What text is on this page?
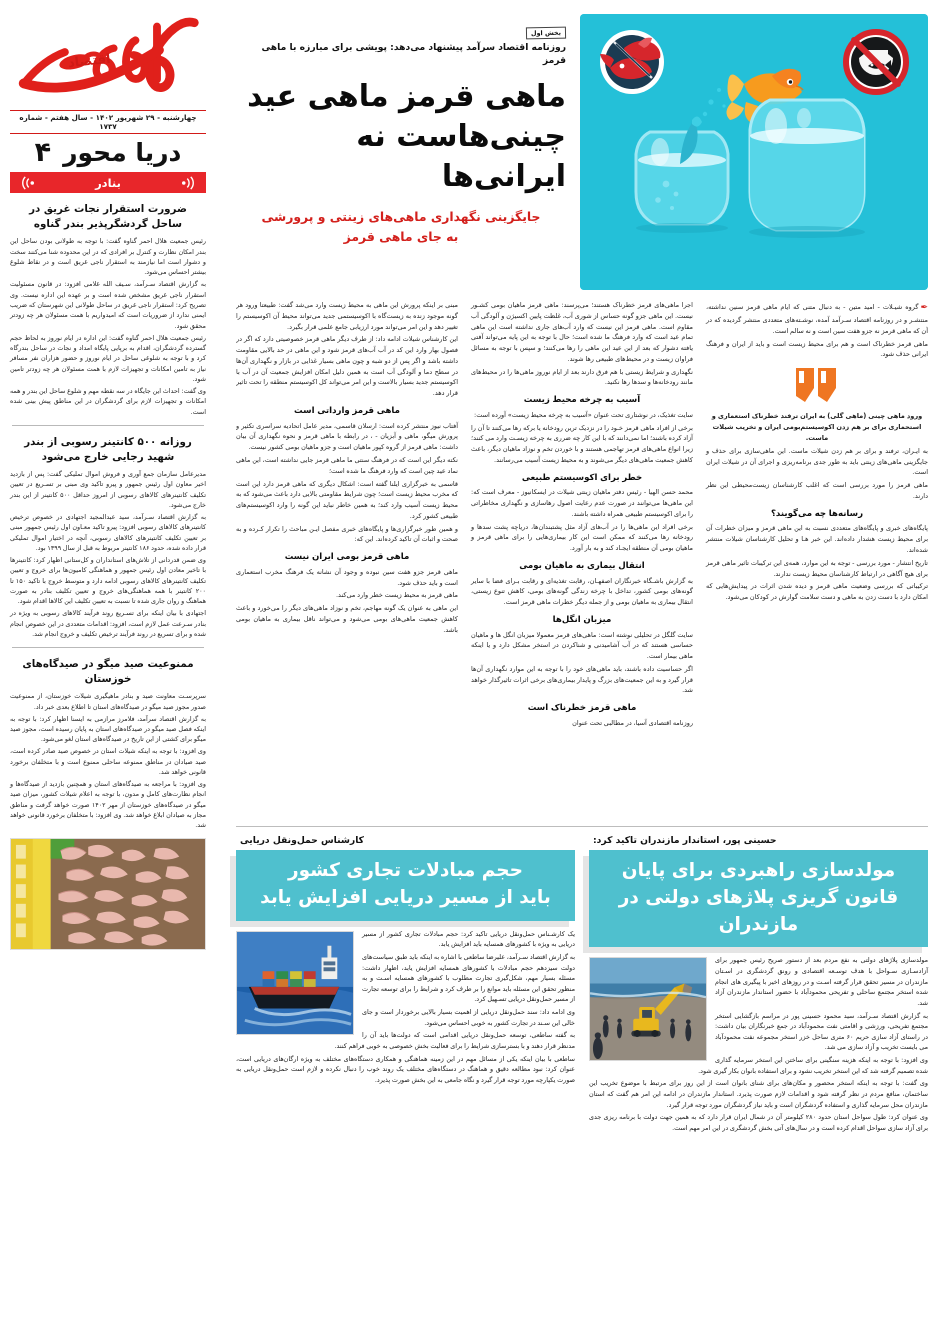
اقتصاد
چهارشنبه - ۲۹ شهریور ۱۴۰۲ - سال هفتم - شماره ۱۷۳۷
۴ دریا محور
بنادر
ضرورت استقرار نجات غریق در ساحل گردشگرپذیر بندر گناوه

رئیس جمعیت هلال احمر گناوه گفت: با توجه به طولانی بودن ساحل این بندر امکان نظارت و کنترل بر افرادی که در این محدوده شنا می‌کنند سخت و دشوار است اما نیازمند به استقرار ناجی غریق است و در نقاط شلوغ بیشتر احساس می‌شود.

به گزارش اقتصاد سـرآمد، سـیف الله غلامی افزود: در قانون مسئولیت استقرار ناجی غریق مشخص شده است و بر عهده این اداره نیست. وی تصریح کرد: استقرار ناجی غریق در ساحل طولانی این شهرستان که ضریب ایمنی ندارد از ضروریات است که امیدواریم با همت مسئولان هر چه زودتر محقق شود.

رئیس جمعیت هلال احمر گناوه گفت: این اداره در ایام نوروز به لحاظ حجم گسترده گردشگران، اقدام به برپایی پایگاه امداد و نجات در ساحل بندرگاه کرد و با توجه به شلوغی ساحل در ایام نوروز و حضور هزاران نفر مسافر نیاز به تامین امکانات و تجهیزات لازم با همت مسئولان هر چه زودتر تامین شود.

وی گفت: احداث این جایگاه در سه نقطه مهم و شلوغ ساحل این بندر و همه امکانات و تجهیزات لازم برای گردشگران در این مناطق پیش بینی شده است.

روزانه ۵۰۰ کانتینر رسوبی از بندر شهید رجایی خارج می‌شود

مدیرعامل سازمان جمع آوری و فروش اموال تملیکی گفت: پس از بازدید اخیر معاون اول رئیس جمهور و پیرو تاکید وی مبنی بر تسـریع در تعیین تکلیف کانتینرهای کالاهای رسوبی از امروز حداقل ۵۰۰ کانتینر از این بندر خارج می‌شود.

به گزارش اقتصاد سـرآمد، سید عبدالمجید اجتهادی در خصوص ترخیص کانتینرهای کالاهای رسوبی افزود: پیرو تاکید معـاون اول رئیس جمهور مبنی بر تعیین تکلیف کانتینرهای کالاهای رسوبی، آنچه در اختیار اموال تملیکی قرار داده شده، حدود ۱۸۶ کانتینر مربوط به قبل از سال ۱۳۹۹ بود.

وی ضمن قدردانی از تلاش‌های استانداران و کل‌ستانی اظهار کرد: کانتینرها با تاخیر معادن اول رئیس جمهور و هماهنگی کامیون‌ها برای خروج و تعیین تکلیف کانتینرهای کالاهای رسوبی ادامه دارد و متوسط خروج با تاکید ۱۵۰ تا ۲۰۰ کانتینر با همه هماهنگی‌های خروج و تعیین تکلیف بنادر به صورت هماهنگ و روان جاری شده تا نسبت به تعیین تکلیف این کالاها اقدام شود.

اجتهادی با بیان اینکه برای تسـریع روند فرآیند کالاهای رسوبی به ویژه در بنادر سـرعت عمل لازم است، افزود: اقدامات متعددی در این خصوص انجام شده و برای تسریع در روند فرآیند ترخیص تکلیف و خروج انجام شد.

ممنوعیت صید میگو در صیدگاه‌های خوزستان

سرپرسـت معاونت صید و بنادر ماهیگیری شیلات خوزستان، از ممنوعیت صدور مجوز صید میگو در صیدگاه‌های استان تا اطلاع بعدی خبر داد.

به گزارش اقتصاد سرآمد، فلامرز مرازمی به ایسنا اظهار کرد: با توجه به اینکه فصل صید میگو در صیدگاه‌های استان به پایان رسیده است، مجوز صید میگو برای کشتی از این تاریخ در صیدگاه‌های استان لغو می‌شود.

وی افزود: با توجه به اینکه شیلات استان در خصوص صید صادر کرده است، صید صیادان در مناطق ممنوعه ساحلی ممنوع است و با متخلفان برخورد قانونی خواهد شد.

وی افزود: با مراجعه به صیدگاه‌های استان و همچنین بازدید از صیدگاه‌ها و انجام نظارت‌های کامل و مدون، با توجه به اعلام شیلات کشور، میزان صید میگو در صیدگاه‌های خوزستان از مهر ۱۴۰۲ صورت خواهد گرفت و مناطق مجاز به صیادان ابلاغ خواهد شد. وی افزود: با متخلفان برخورد قانونی خواهد شد.

بخش اول
روزنامه اقتصاد سرآمد پیشنهاد می‌دهد: پویشی برای مبارزه با ماهی قرمز
ماهی قرمز ماهی عید
چینی‌هاست نه ایرانی‌ها
جایگزینی نگهداری ماهی‌های زینتی و پرورشی
به جای ماهی قرمز

مبنی بر اینکه پرورش این ماهی به محیط زیست وارد می‌شد گفت: طبیعتا ورود هر گونه موجود زنده به زیست‌گاه با اکوسیستمی جدید می‌تواند محیط آن اکوسیستم را تغییر دهد و این امر می‌تواند مورد ارزیابی جامع علمی قرار بگیرد.

این کارشناس شیلات ادامه داد: از طرف دیگر ماهی قرمز خصوصیتی دارد که اگر در فصول بهار وارد این کد در آب آب‌های قرمز شود و این ماهی در حد بالایی مقاومت داشته باشد و اگر پس از دو شبه و چون ماهی بسیار غذایی در بازار و نگهداری آن‌ها در سطح دما و آلودگی آب است به همین دلیل امکان افزایش جمعیت آن در آب با اکوسیستم جدید بسیار بالاست و این امر می‌تواند کل اکوسیستم منطقه را تحت تاثیر قرار دهد.

ماهی قرمز وارداتی است

آفتاب نیوز منتشر کرده است: ارسلان قاسمی، مدیر عامل اتحادیه سراسری تکثیر و پرورش میگو، ماهی و آبزیان - ، در رابطه با ماهی قرمز و نحوه نگهداری آن بیان داشت: ماهی قرمز از گروه کپور ماهیان است و جزو ماهیان بومی کشور نیست.

نکته دیگر این است که در فرهنگ سنتی ما ماهی قرمز جایی نداشته است، این ماهی نماد عید چین است که وارد فرهنگ ما شده است؛

قاسمی به خبرگزاری ایلنا گفته است: اشکال دیگری که ماهی قرمز دارد این است که مخرب محیط زیست است؛ چون شرایط مقاومتی بالایی دارد باعث می‌شود که به محیط زیست آسیب وارد کند؛ به همین خاطر نباید این گونه را وارد اکوسیستم‌های طبیعی کشور کرد.

و همین طور خبرگزاری‌ها و پایگاه‌های خبری مفصل ایـن مباحث را تکرار کـرده و به صحت و اثبات آن تاکید کرده‌اند. این که:

ماهی قرمز بومی ایران نیست

ماهی قرمز جزو هفت سین نبوده و وجود آن نشانه یک فرهنگ مخرب استعماری است و باید حذف شود.

ماهی قرمز به محیط زیست خطر وارد می‌کند.

این ماهی به عنوان یک گونه مهاجم، تخم و نوزاد ماهی‌های دیگر را می‌خورد و باعث کاهش جمعیت ماهی‌های بومی می‌شود و می‌تواند ناقل بیماری به ماهیان بومی باشد.

اجرا ماهی‌های قرمز خطرناک هستند؛ می‌پرسند: ماهی قرمز ماهیان بومی کشـور نیست. این ماهی جزو گونه حساس از شوری آب، غلظت پایین اکسیژن و آلودگی آب مقاوم است. ماهی قرمز این نیست که وارد آب‌های جاری نداشته است این ماهی تمام عید است که وارد فرهنگ ما شده است؛ حال با توجه به این پایه می‌تواند آفتی یافته دشوار که بعد از این عید این ماهی را رها می‌کنند؛ و سپس با توجه به مسائل فراوان زیست و در محیط‌های طبیعی رها شوند.

نگهداری و شرایط زیستی با هم فرق دارند بعد از ایام نوروز ماهی‌ها را در محیط‌های مانند رودخانه‌ها و سدها رها نکنید.

آسیب به چرخه محیط زیست

سایت تغذیک، در نوشتاری تحت عنوان «آسیب به چرخه محیط زیست» آورده است:

برخی از افراد ماهی قرمز خـود را در نزدیک ترین رودخانه یا برکه رها می‌کنند تا آن را آزاد کرده باشند؛ اما نمی‌دانند که با این کار چه ضرری به چرخه زیسـت وارد می کنند؛ زیرا انواع ماهی‌های قرمز تهاجمی هستند و با خوردن تخم و نوزاد ماهیان دیگر، باعث کاهش جمعیت ماهی‌های دیگر می‌شوند و به محیط زیست آسیب می‌رسانند.

خطر برای اکوسیستم طبیعی

محمد حسن الهیا - رئیس دفتر ماهیان زینتی شیلات در ایسکانیوز - معرف است که: این ماهی‌ها می‌توانند در صورت عدم رعایت اصول رهاسازی و نگهداری مخاطراتی را برای اکوسیستم طبیعی همراه داشته باشند.

برخی افراد این ماهی‌ها را در آب‌های آزاد مثل پشتبندان‌ها، دریاچه پشت سدها و رودخانه رها می‌کنند که ممکن است این کار بیماری‌هایی را برای ماهی قرمز و ماهیان بومی آن منطقه ایجـاد کند و به بار آورد.

انتقال بیماری به ماهیان بومی

به گزارش باشـگاه خبرنگاران اصفهـان، رقابت تغذیه‌ای و رقابت بـرای فضا با سایر گونه‌های بومی کشور، تداخل با چرخه زندگی گونه‌های بومی، کاهش تنوع زیستی، انتقال بیماری به ماهیان بومی و از جمله دیگر خطرات ماهی قرمز است.

میزبان انگل‌ها

سایت گلگل در تحلیلی نوشته است: ماهی‌های قرمز معمولا میزبان انگل ها و ماهیان حساسی هستند که در آب آشامیدنی و شناکردن در استخر مشکل دارد و یا اینکه ماهی بیمار است.

اگر حساسیت داده باشند، باید ماهی‌های خود را با توجه به این موارد نگهداری آن‌ها قرار گیرد و به این جمعیت‌های بزرگ و پایدار بیماری‌های برخی اثرات تاثیرگذار خواهد شد.

ماهی قرمز خطرناک است

روزنامه اقتصادی آسیا، در مطالبی تحت عنوان

✒گروه شیـلات - امید متین - به دنبال متنی که ایام ماهی قرمز سنین نداشته، منتشـر و در روزنامه اقتصاد سـرآمد آمده، نوشـته‌های متعددی منتشر گردیده که در آن که ماهی قرمز نه جزو هفت سین است و نه سالم است.

ماهی قرمز خطرناک است و هم برای محیط زیست است و باید از ایران و فرهنگ ایرانی حذف شود.

ورود ماهی چینی (ماهی گلی) به ایران ترفند خطرناک استعماری و استحماری برای بر هم زدن اکوسیستم‌بومی ایران و تخریب شیلات ماست.

به ایـران، ترفند و برای بر هم زدن شیلات ماست. این ماهی‌سازی برای حذف و جایگزینی ماهی‌های زینتی باید به طور جدی برنامه‌ریزی و اجرای آن در شیلات ایران است.

ماهی قرمز را مورد بررسی است که اغلب کارشناسان زیست‌محیطی این نظر دارند.

رسانه‌ها چه می‌گویند؟

پایگاه‌های خبری و پایگاه‌های متعددی نسبت به این ماهی قرمز و میزان خطرات آن برای محیط زیست هشدار داده‌اند. این خبر هـا و تحلیل کارشناسان شیلات منتشر شده‌اند.

تاریخ انتشار - مورد بررسی - توجه به این موارد، همه‌ی این ترکیبات تاثیر ماهی قرمز برای هیچ آگاهی در ارتباط کارشناسان محیط زیست ندارند.

ترکیباتی که بررسی وضعیت ماهی قرمز و دیده شدن اثرات در پیدایش‌هایی که امکان دارد با دست زدن به ماهی و دست سلامت گوارش در کودکان می‌شود.

کارشناس حمل‌ونقل دریایی
حجم مبادلات تجاری کشور
باید از مسیر دریایی افزایش یابد

یک کارشـناس حمل‌ونقل دریایی تاکید کرد: حجم مبادلات تجاری کشور از مسیر دریایی به ویژه با کشورهای همسایه باید افزایش یابد.

به گزارش اقتصاد سـرآمد، علیرضا ساطعی با اشاره به اینکه باید طبق سیاست‌های دولت سیزدهم حجم مبادلات با کشورهای همسایه افزایش یابد، اظهار داشت: مسئله بسیار مهم، شکل‌گیری تجارت مطلوب با کشورهای همسایه اسـت و به منظور تحقق این مسئله باید موانع را بر طرف کرد و شرایط را برای توسعه تجارت از مسیر حمل‌ونقل دریایی تسـهیل کرد.

وی ادامه داد: سند حمل‌ونقل دریایی از اهمیت بسیار بالایی برخوردار است و جای خالی این سـند در تجارت کشور به خوبی احساس می‌شود.

به گفته ساطعی، توسعه حمل‌ونقل دریایی اقدامی است که دولت‌ها باید آن را مدنظر قرار دهند و با بسترسازی شرایط را برای فعالیت بخش خصوصی به خوبی فراهم کنند.

ساطعی با بیان اینکه یکی از مسائل مهم در این زمینه هماهنگی و همکاری دستگاه‌های مختلف به ویژه ارگان‌های دریایی است، عنوان کرد: نبود مطالعه دقیق و هماهنگ در دستگاه‌های مختلف یک روند خوب را دنبال نکرده و لازم است حمل‌ونقل دریایی به صورت یکپارچه مورد توجه قرار گیرد و نگاه جامعی به این بخش صورت پذیرد.

حسینی پور، استاندار مازندران تاکید کرد:
مولدسازی راهبردی برای پایان
قانون گریزی پلاژهای دولتی در مازندران

مولدسازی پلاژهای دولتی به نفع مردم بعد از دستور صریح رئیس جمهور برای آزادسـازی سـواحل با هدف توسـعه اقتصادی و رونق گردشگری در اسـتان مازندران در مسیر تحقق قرار گرفته اسـت و در روزهای اخیر با پیگیری های انجام شده استخر مجتمع ساحلی و تفریحی محمودآباد با حضور استاندار مازندران آزاد شد.

به گزارش اقتصاد سـرآمد، سید محمود حسینی پور در مراسم بازگشایی استخر مجتمع تفریحی، ورزشی و اقامتی نفت محمودآباد در جمع خبرنگاران بیان داشت: در راستای آزاد سازی حریم ۶۰ متری ساحل خزر استخر مجموعه نفت محمودآباد می بایست تخریب و آزاد سازی می شد.

وی افزود: با توجه به اینکه هزینه سنگینی برای ساختن این استخر سرمایه گذاری شده تصمیم گرفته شد که این استخر تخریب نشود و برای استفاده بانوان بکار گیری شود.

وی گفت: با توجه به اینکه استخر محصور و مکان‌های برای شنای بانوان است از این روز برای مرتبط با موضوع تخریب این ساختمان، منافع مردم در نظر گرفته شود و اقدامات لازم صورت پذیرد. استاندار مازندران در ادامه این امر هم گفت که استان مازندران محل سرمایه گذاری و استفاده گردشگران است و باید نیاز گردشگران مورد توجه قرار گیرد.

وی عنوان کرد: طول سواحل استان حدود ۲۸۰ کیلومتر آن در شمال ایران قرار دارد که به همین جهت دولت با برنامه ریزی جدی برای آزاد سازی سواحل اقدام کرده است و در سال‌های آتی بخش گردشگری در این امر مهم است.
